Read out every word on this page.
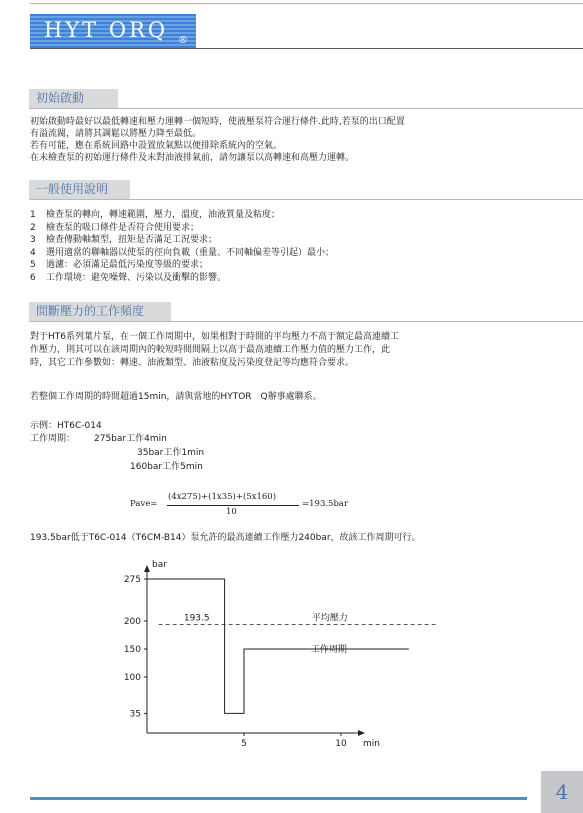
HYT ORQ ®
初始啟動
初始啟動時最好以最低轉速和壓力運轉一個短時，使液壓泵符合運行條件.此時,若泵的出口配置
有溢流閥，請將其調鬆以將壓力降至最低。
若有可能，應在系統回路中設置放氣點以便排除系統內的空氣。
在未檢查泵的初始運行條件及未對油液排氣前，請勿讓泵以高轉速和高壓力運轉。
一般使用說明
1 檢查泵的轉向，轉速範圍，壓力，溫度，油液質量及粘度；
2 檢查泵的吸口條件是否符合使用要求；
3 檢查傳動軸類型，扭矩是否滿足工況要求；
4 選用適當的聯軸器以使泵的徑向負載（重量、不同軸偏差等引起）最小；
5 過濾：必須滿足最低污染度等級的要求；
6 工作環境：避免噪聲、污染以及衝擊的影響。
間斷壓力的工作頻度
對于HT6系列葉片泵，在一個工作周期中，如果相對于時間的平均壓力不高于額定最高連續工
作壓力，則其可以在該周期內的較短時間間隔上以高于最高連續工作壓力值的壓力工作，此
時，其它工作參數如：轉速、油液類型、油液粘度及污染度登記等均應符合要求。
若整個工作周期的時間超過15min，請與當地的HYTOR　Q辦事處聯系。
示例：HT6C-014
工作周期： 275bar工作4min
35bar工作1min
160bar工作5min
Pave=
(4x275)+(1x35)+(5x160)
10
=193.5bar
193.5bar低于T6C-014（T6CM-B14）泵允許的最高連續工作壓力240bar，故該工作周期可行。
bar
min
275
200
150
100
35
5	10
193.5	平均壓力
工作周期
4
